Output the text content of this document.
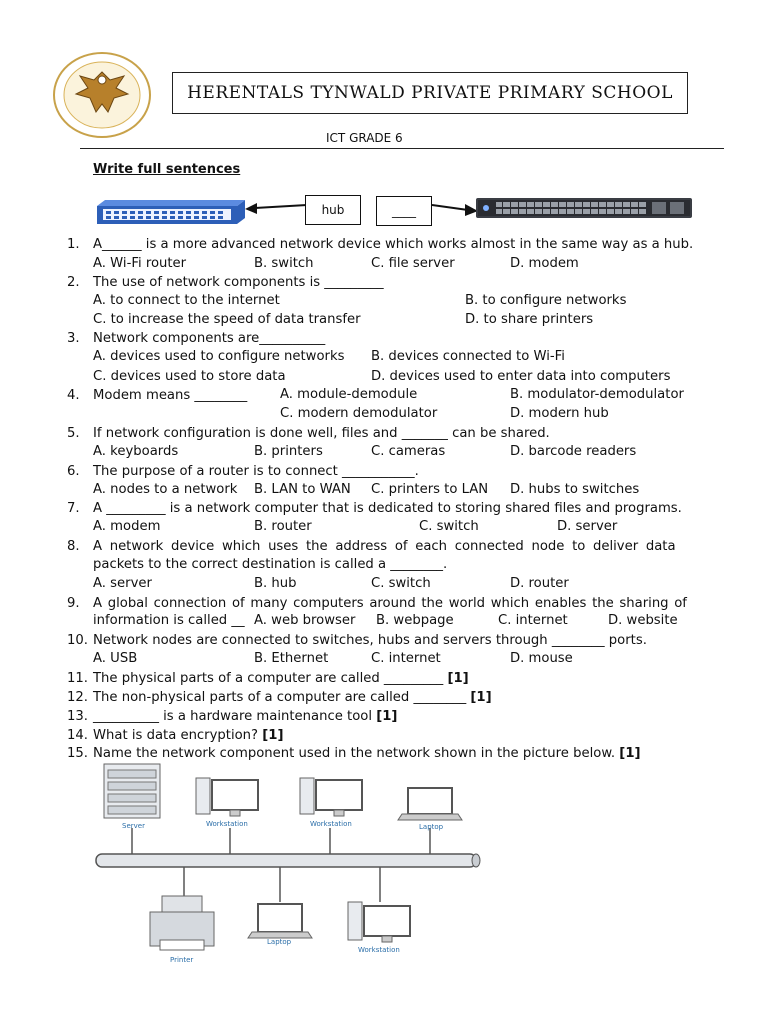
HERENTALS TYNWALD PRIVATE PRIMARY SCHOOL
ICT GRADE 6
Write full sentences
hub	____
1. A______ is a more advanced network device which works almost in the same way as a hub.
A. Wi-Fi router	B. switch	C. file server	D. modem
2. The use of network components is _________
A. to connect to the internet	B. to configure networks
C. to increase the speed of data transfer	D. to share printers
3. Network components are__________
A. devices used to configure networks B. devices connected to Wi-Fi
C. devices used to store data	D. devices used to enter data into computers
4. Modem means ________ A. module-demodule	B. modulator-demodulator
C. modern demodulator	D. modern hub
5. If network configuration is done well, files and _______ can be shared.
A. keyboards	B. printers	C. cameras	D. barcode readers
6. The purpose of a router is to connect ___________.
A. nodes to a network B. LAN to WAN C. printers to LAN D. hubs to switches
7. A _________ is a network computer that is dedicated to storing shared files and programs.
A. modem	B. router	C. switch	D. server
8. A network device which uses the address of each connected node to deliver data
packets to the correct destination is called a ________.
A. server	B. hub	C. switch	D. router
9. A global connection of many computers around the world which enables the sharing of
information is called __ A. web browser B. webpage	C. internet	D. website
10. Network nodes are connected to switches, hubs and servers through ________ ports.
A. USB	B. Ethernet	C. internet	D. mouse
11. The physical parts of a computer are called _________ [1]
12. The non-physical parts of a computer are called ________ [1]
13. __________ is a hardware maintenance tool [1]
14. What is data encryption? [1]
15. Name the network component used in the network shown in the picture below. [1]
Server	Workstation	Workstation	Laptop
Printer
Laptop
Workstation
